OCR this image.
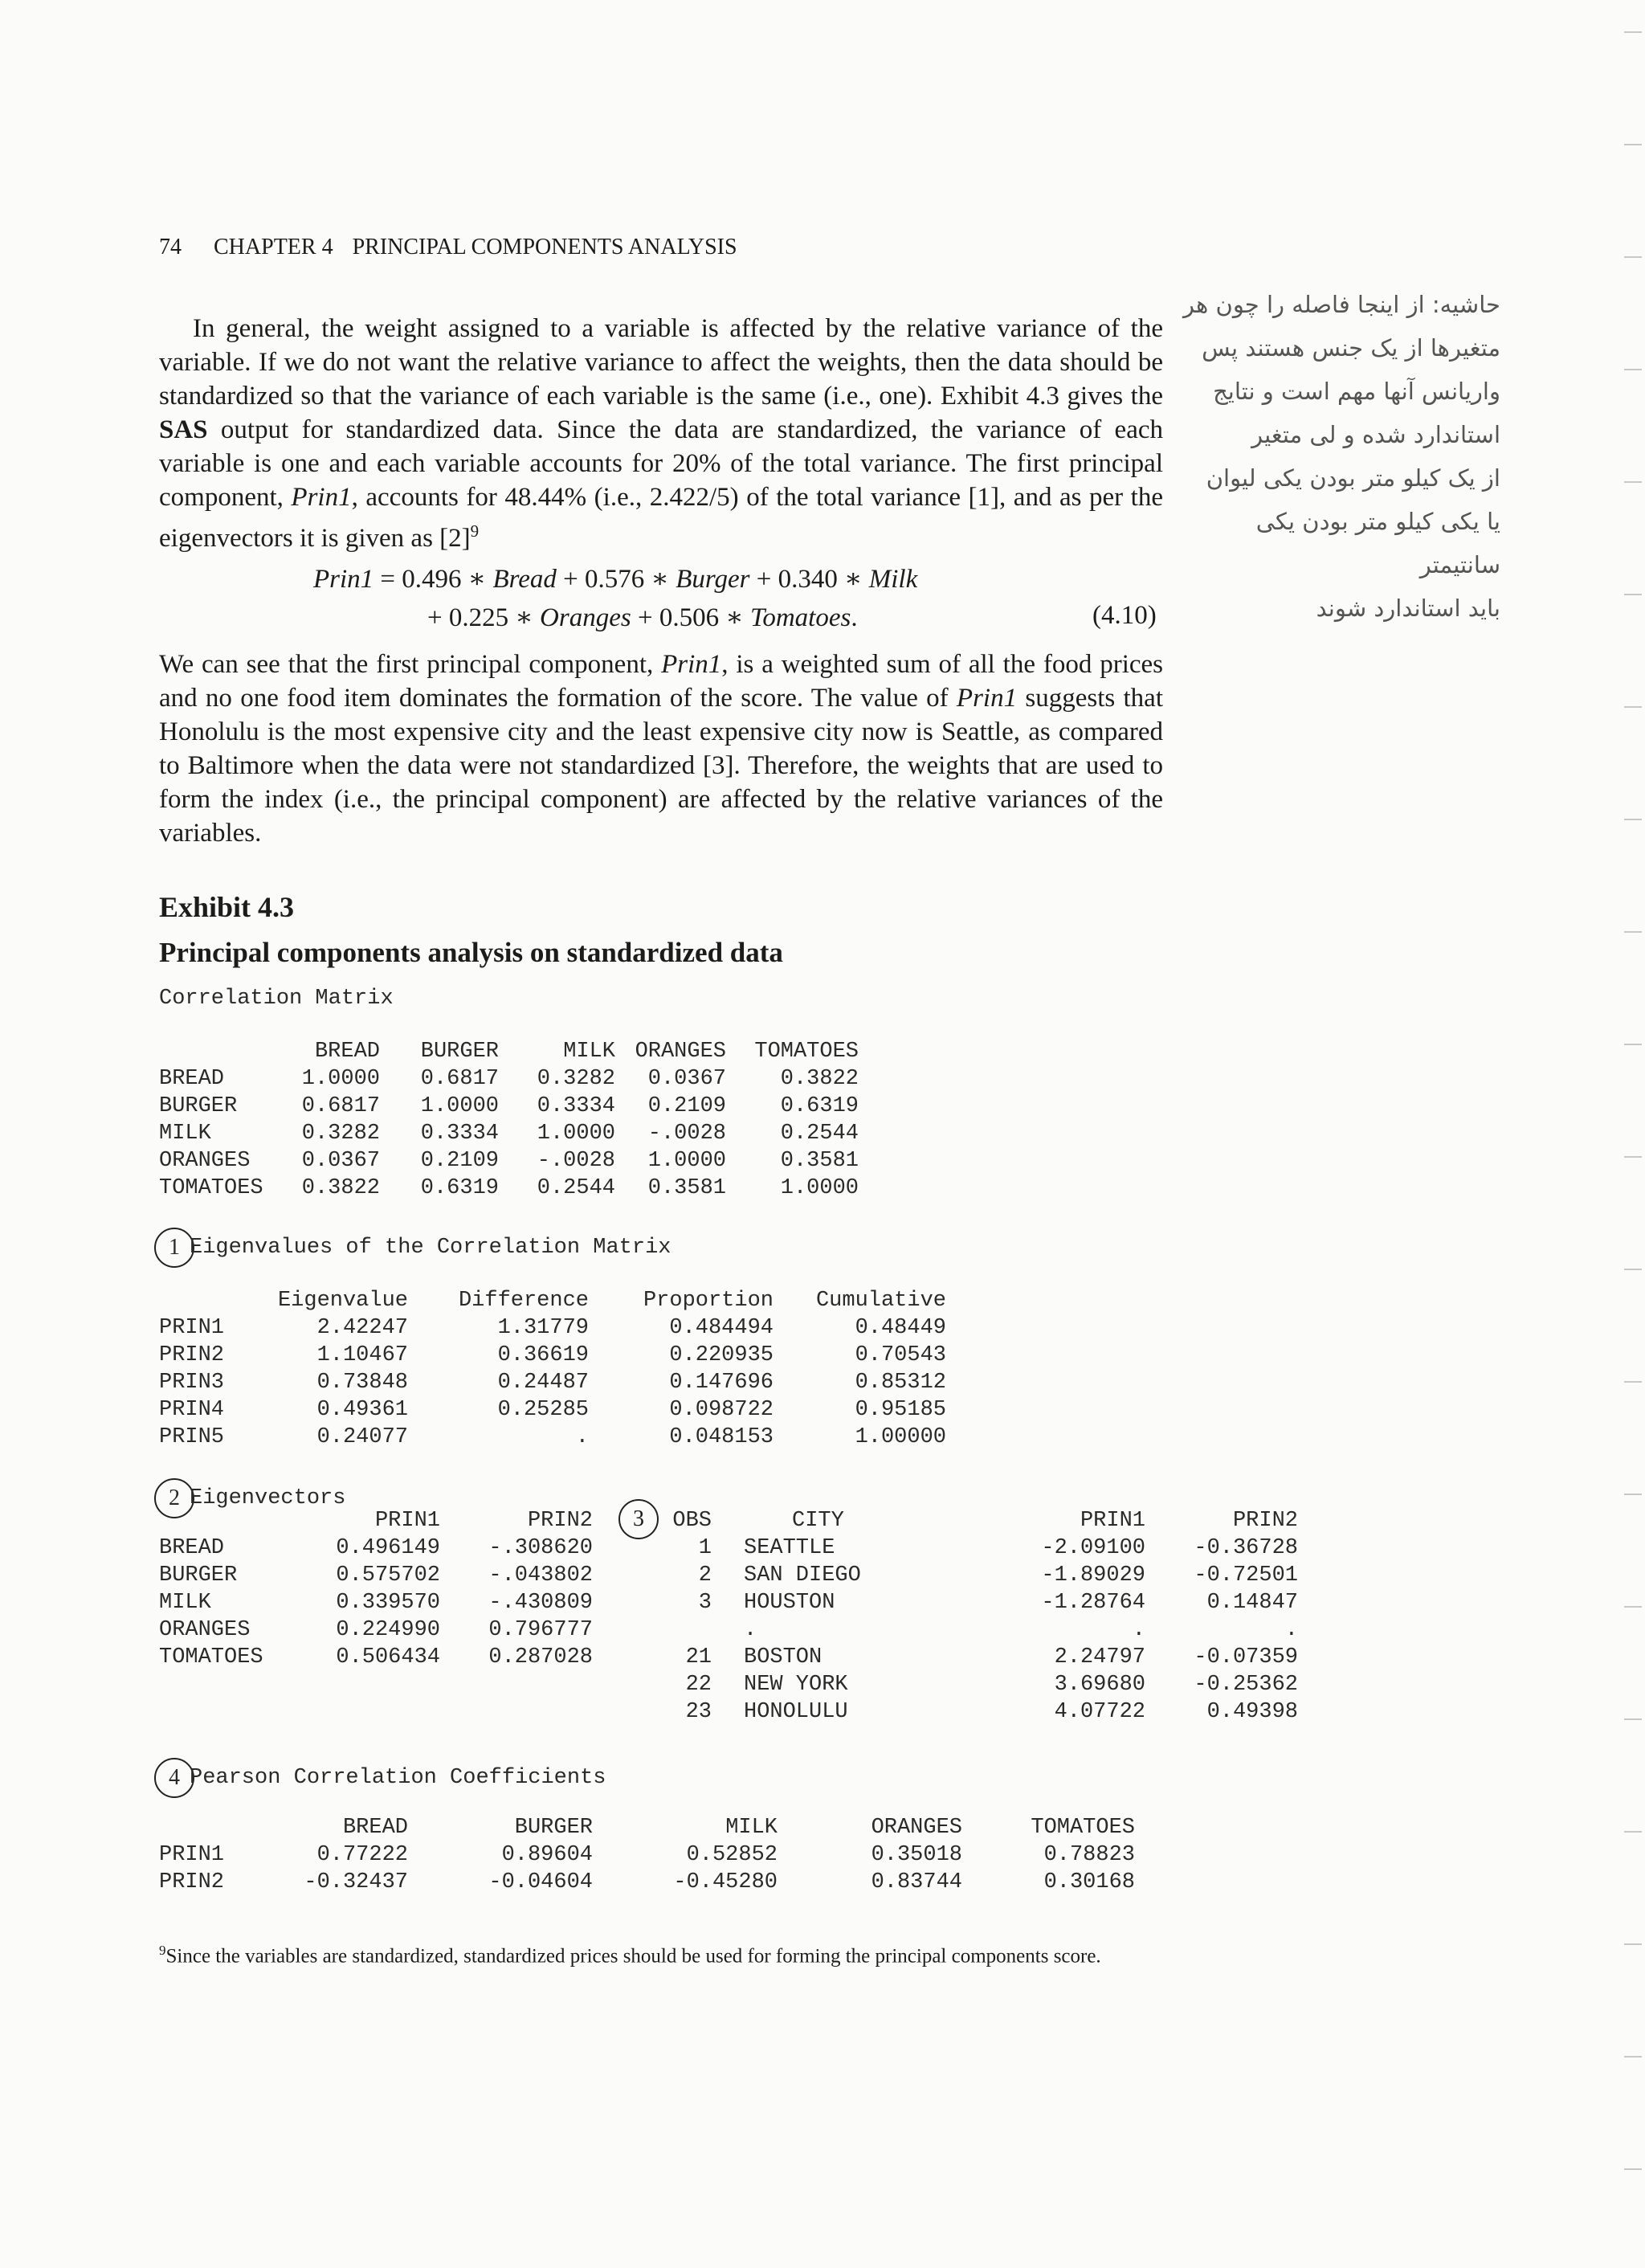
74 CHAPTER 4 PRINCIPAL COMPONENTS ANALYSIS
In general, the weight assigned to a variable is affected by the relative variance of the variable. If we do not want the relative variance to affect the weights, then the data should be standardized so that the variance of each variable is the same (i.e., one). Exhibit 4.3 gives the SAS output for standardized data. Since the data are standardized, the variance of each variable is one and each variable accounts for 20% of the total variance. The first principal component, Prin1, accounts for 48.44% (i.e., 2.422/5) of the total variance [1], and as per the eigenvectors it is given as $[2]^9$
Prin1 = 0.496 ∗ Bread + 0.576 ∗ Burger + 0.340 ∗ Milk
+ 0.225 ∗ Oranges + 0.506 ∗ Tomatoes.	(4.10)
We can see that the first principal component, Prin1, is a weighted sum of all the food prices and no one food item dominates the formation of the score. The value of Prin1 suggests that Honolulu is the most expensive city and the least expensive city now is Seattle, as compared to Baltimore when the data were not standardized [3]. Therefore, the weights that are used to form the index (i.e., the principal component) are affected by the relative variances of the variables.
Exhibit 4.3
Principal components analysis on standardized data
Correlation Matrix
	BREAD	BURGER	MILK	ORANGES	TOMATOES
BREAD	1.0000	0.6817	0.3282	0.0367	0.3822
BURGER	0.6817	1.0000	0.3334	0.2109	0.6319
MILK	0.3282	0.3334	1.0000	-.0028	0.2544
ORANGES	0.0367	0.2109	-.0028	1.0000	0.3581
TOMATOES	0.3822	0.6319	0.2544	0.3581	1.0000
1 Eigenvalues of the Correlation Matrix
	Eigenvalue	Difference	Proportion	Cumulative
PRIN1	2.42247	1.31779	0.484494	0.48449
PRIN2	1.10467	0.36619	0.220935	0.70543
PRIN3	0.73848	0.24487	0.147696	0.85312
PRIN4	0.49361	0.25285	0.098722	0.95185
PRIN5	0.24077	.	0.048153	1.00000
2 Eigenvectors
	PRIN1	PRIN2
BREAD	0.496149	-.308620
BURGER	0.575702	-.043802
MILK	0.339570	-.430809
ORANGES	0.224990	0.796777
TOMATOES	0.506434	0.287028
3	OBS	CITY	PRIN1	PRIN2
1	SEATTLE	-2.09100	-0.36728
2	SAN DIEGO	-1.89029	-0.72501
3	HOUSTON	-1.28764	0.14847
	.	.	.
21	BOSTON	2.24797	-0.07359
22	NEW YORK	3.69680	-0.25362
23	HONOLULU	4.07722	0.49398
4 Pearson Correlation Coefficients
	BREAD	BURGER	MILK	ORANGES	TOMATOES
PRIN1	0.77222	0.89604	0.52852	0.35018	0.78823
PRIN2	-0.32437	-0.04604	-0.45280	0.83744	0.30168
$^9$Since the variables are standardized, standardized prices should be used for forming the principal components score.
حاشیه: از اینجا فاصله را چون هر
متغیرها از یک جنس هستند پس
واریانس آنها مهم است و نتایج
استاندارد شده و لی متغیر
از یک کیلو متر بودن یکی لیوان
یا یکی کیلو متر بودن یکی سانتیمتر
باید استاندارد شوند
